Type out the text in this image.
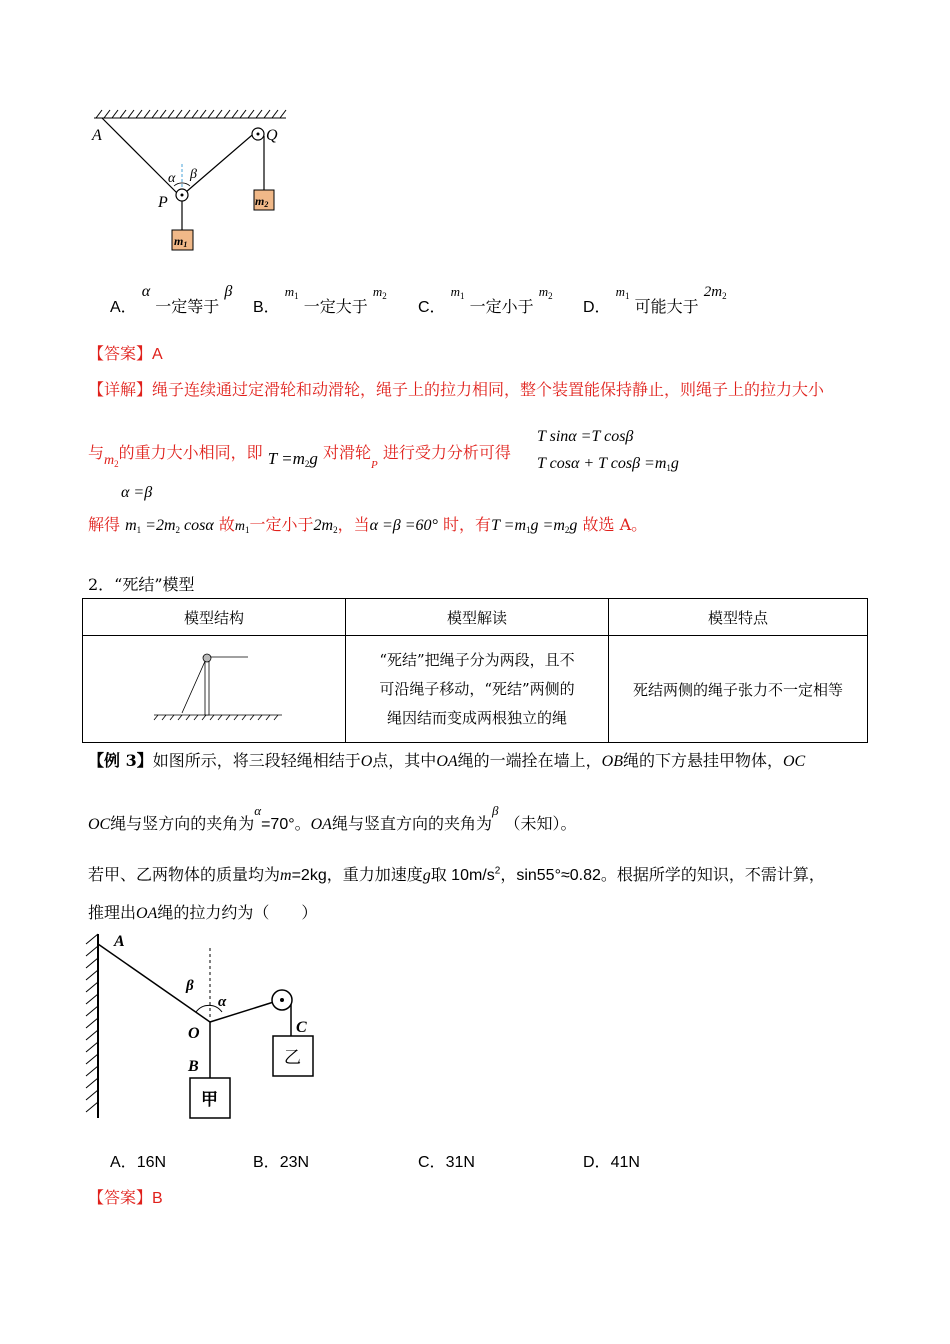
A	Q
P
α β
m2
m1
A． α 一定等于 β
B． $^{m_1}$ 一定大于 $^{m_2}$
C． $^{m_1}$ 一定小于 $^{m_2}$
D． $^{m_1}$ 可能大于 $2m_2$
【答案】A
【详解】绳子连续通过定滑轮和动滑轮，绳子上的拉力相同，整个装置能保持静止，则绳子上的拉力大小
与$m_2$的重力大小相同，即 $T =m_2g$ 对滑轮$_P$ 进行受力分析可得
T sinα =T cosβ
T cosα + T $\cos\beta =m_1g$
α =β
解得 $m_1 =2m_2$ cosα 故$m_1$一定小于$2m_2$，当α =β =60° 时，有$T =m_1g =m_2g$ 故选 A。
2．“死结”模型
模型结构	模型解读	模型特点

“死结”把绳子分为两段，且不
可沿绳子移动，“死结”两侧的
绳因结而变成两根独立的绳	死结两侧的绳子张力不一定相等
【例 3】如图所示，将三段轻绳相结于O点，其中OA绳的一端拴在墙上，OB绳的下方悬挂甲物体，OC
OC绳与竖方向的夹角为$^\alpha$=70°。OA绳与竖直方向的夹角为$^\beta$（未知）。
若甲、乙两物体的质量均为m=2kg，重力加速度g取 $10m/s^2$，sin55°≈0.82。根据所学的知识，不需计算，
推理出OA绳的拉力约为（　　）
A
β
α
O
B
C
甲
乙
A．16N	B．23N	C．31N	D．41N
【答案】B
